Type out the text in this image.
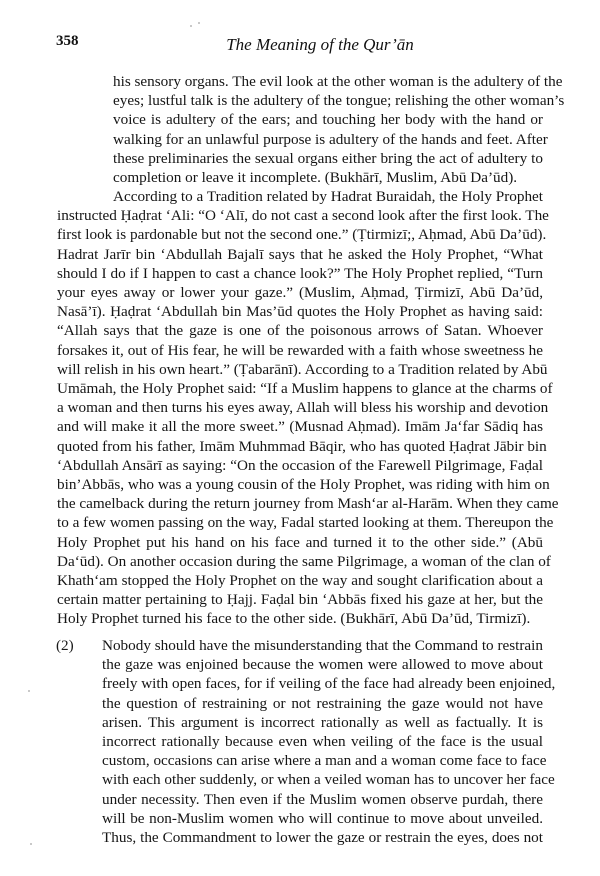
358	The Meaning of the Qur’ān
his sensory organs. The evil look at the other woman is the adultery of the
eyes; lustful talk is the adultery of the tongue; relishing the other woman’s
voice is adultery of the ears; and touching her body with the hand or
walking for an unlawful purpose is adultery of the hands and feet. After
these preliminaries the sexual organs either bring the act of adultery to
completion or leave it incomplete. (Bukhārī, Muslim, Abū Da’ūd).
According to a Tradition related by Hadrat Buraidah, the Holy Prophet
instructed Ḥaḍrat ‘Ali: “O ‘Alī, do not cast a second look after the first look. The
first look is pardonable but not the second one.” (Ṭtirmizī;, Aḥmad, Abū Da’ūd).
Hadrat Jarīr bin ‘Abdullah Bajalī says that he asked the Holy Prophet, “What
should I do if I happen to cast a chance look?” The Holy Prophet replied, “Turn
your eyes away or lower your gaze.” (Muslim, Aḥmad, Ṭirmizī, Abū Da’ūd,
Nasā’ī). Ḥaḍrat ‘Abdullah bin Mas’ūd quotes the Holy Prophet as having said:
“Allah says that the gaze is one of the poisonous arrows of Satan. Whoever
forsakes it, out of His fear, he will be rewarded with a faith whose sweetness he
will relish in his own heart.” (Ṭabarānī). According to a Tradition related by Abū
Umāmah, the Holy Prophet said: “If a Muslim happens to glance at the charms of
a woman and then turns his eyes away, Allah will bless his worship and devotion
and will make it all the more sweet.” (Musnad Aḥmad). Imām Ja‘far Sādiq has
quoted from his father, Imām Muhmmad Bāqir, who has quoted Ḥaḍrat Jābir bin
‘Abdullah Ansārī as saying: “On the occasion of the Farewell Pilgrimage, Faḍal
bin’Abbās, who was a young cousin of the Holy Prophet, was riding with him on
the camelback during the return journey from Mash‘ar al-Harām. When they came
to a few women passing on the way, Fadal started looking at them. Thereupon the
Holy Prophet put his hand on his face and turned it to the other side.” (Abū
Da‘ūd). On another occasion during the same Pilgrimage, a woman of the clan of
Khath‘am stopped the Holy Prophet on the way and sought clarification about a
certain matter pertaining to Ḥajj. Faḍal bin ‘Abbās fixed his gaze at her, but the
Holy Prophet turned his face to the other side. (Bukhārī, Abū Da’ūd, Tirmizī).
(2) Nobody should have the misunderstanding that the Command to restrain
the gaze was enjoined because the women were allowed to move about
freely with open faces, for if veiling of the face had already been enjoined,
the question of restraining or not restraining the gaze would not have
arisen. This argument is incorrect rationally as well as factually. It is
incorrect rationally because even when veiling of the face is the usual
custom, occasions can arise where a man and a woman come face to face
with each other suddenly, or when a veiled woman has to uncover her face
under necessity. Then even if the Muslim women observe purdah, there
will be non-Muslim women who will continue to move about unveiled.
Thus, the Commandment to lower the gaze or restrain the eyes, does not
